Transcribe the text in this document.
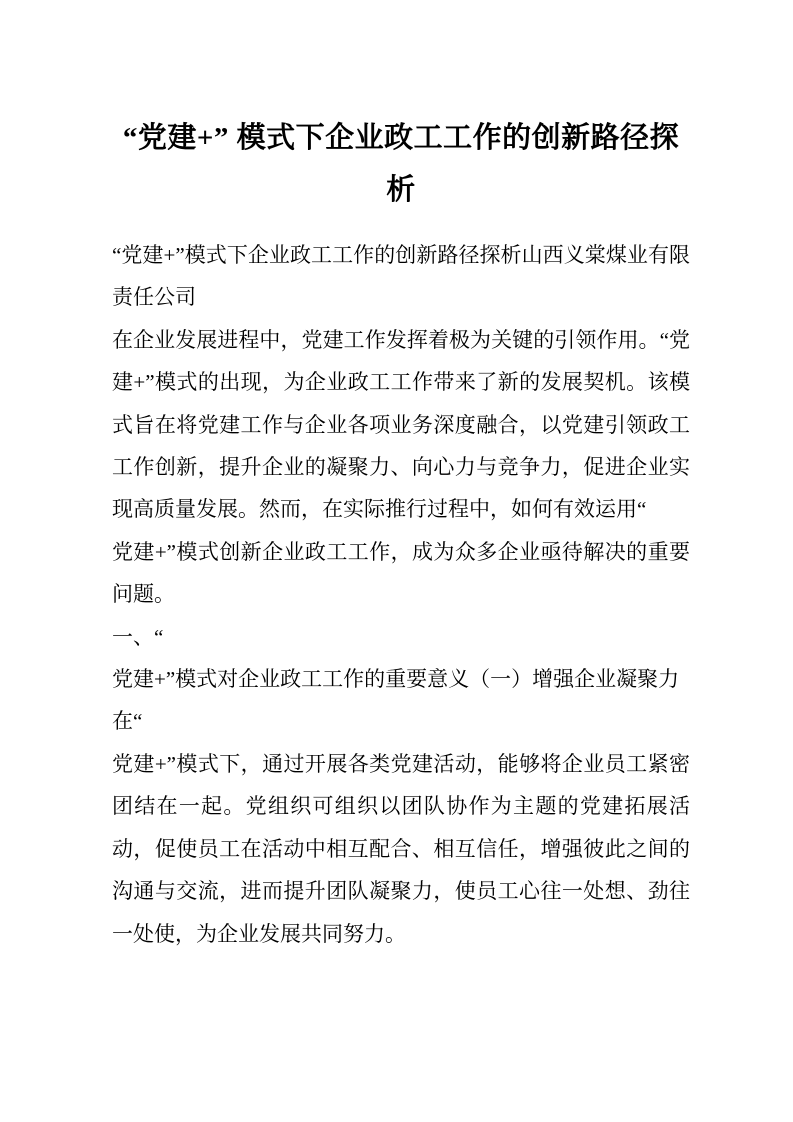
“党建+” 模式下企业政工工作的创新路径探析

“党建+”模式下企业政工工作的创新路径探析山西义棠煤业有限责任公司

在企业发展进程中，党建工作发挥着极为关键的引领作用。“党建+”模式的出现，为企业政工工作带来了新的发展契机。该模式旨在将党建工作与企业各项业务深度融合，以党建引领政工工作创新，提升企业的凝聚力、向心力与竞争力，促进企业实现高质量发展。然而，在实际推行过程中，如何有效运用“

党建+”模式创新企业政工工作，成为众多企业亟待解决的重要问题。

一、“

党建+”模式对企业政工工作的重要意义（一）增强企业凝聚力

在“

党建+”模式下，通过开展各类党建活动，能够将企业员工紧密团结在一起。党组织可组织以团队协作为主题的党建拓展活动，促使员工在活动中相互配合、相互信任，增强彼此之间的沟通与交流，进而提升团队凝聚力，使员工心往一处想、劲往一处使，为企业发展共同努力。
